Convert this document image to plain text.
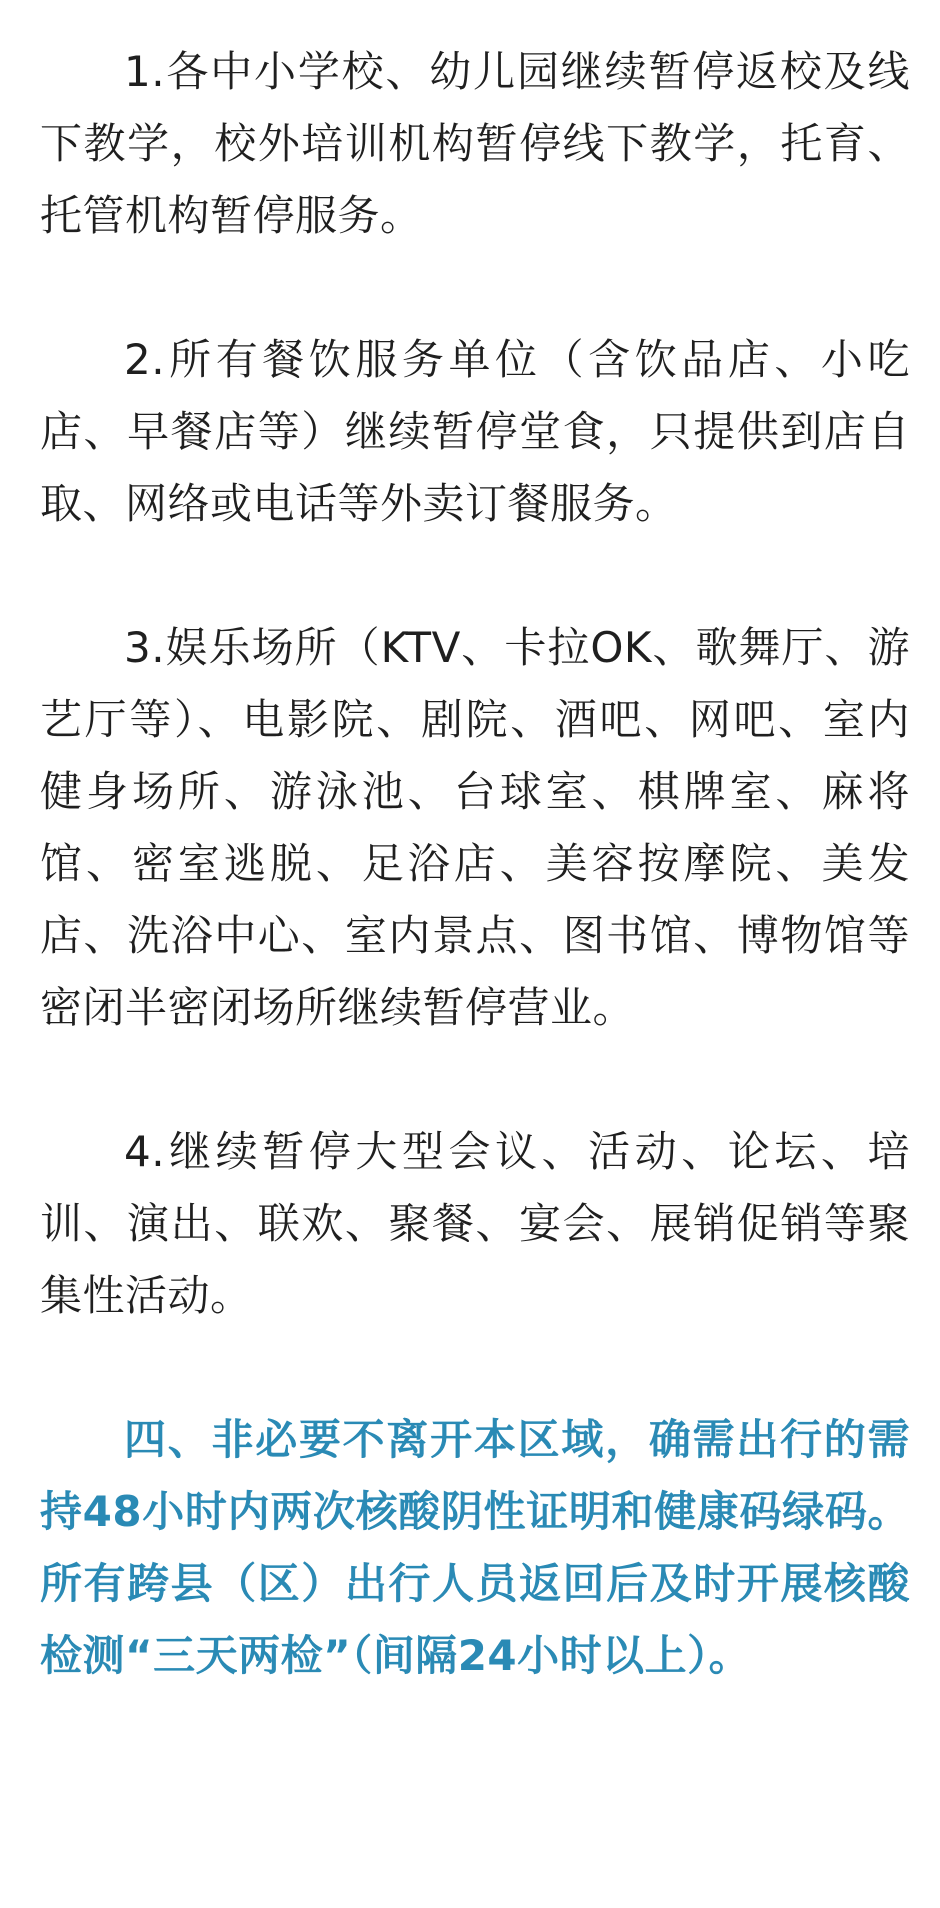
1.各中小学校、幼儿园继续暂停返校及线下教学，校外培训机构暂停线下教学，托育、托管机构暂停服务。

2.所有餐饮服务单位（含饮品店、小吃店、早餐店等）继续暂停堂食，只提供到店自取、网络或电话等外卖订餐服务。

3.娱乐场所（KTV、卡拉OK、歌舞厅、游艺厅等）、电影院、剧院、酒吧、网吧、室内健身场所、游泳池、台球室、棋牌室、麻将馆、密室逃脱、足浴店、美容按摩院、美发店、洗浴中心、室内景点、图书馆、博物馆等密闭半密闭场所继续暂停营业。

4.继续暂停大型会议、活动、论坛、培训、演出、联欢、聚餐、宴会、展销促销等聚集性活动。

四、非必要不离开本区域，确需出行的需持48小时内两次核酸阴性证明和健康码绿码。所有跨县（区）出行人员返回后及时开展核酸检测“三天两检”（间隔24小时以上）。
